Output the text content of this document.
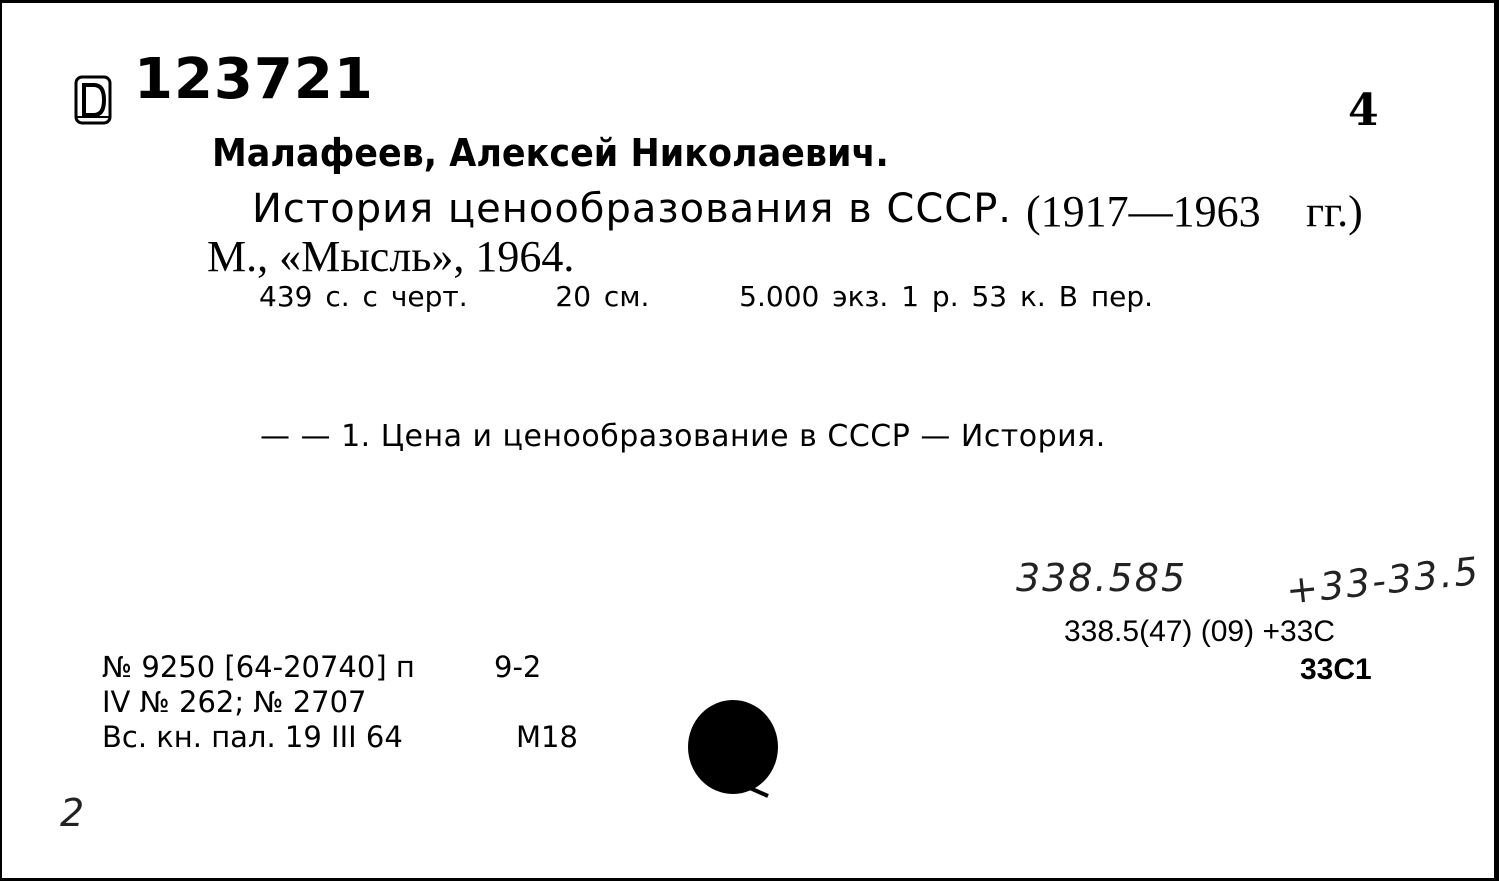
123721	4
Малафеев, Алексей Николаевич.
История ценообразования в СССР. (1917—1963 гг.)
М., «Мысль», 1964.
439 с. с черт.	20 см.	5.000 экз. 1 р. 53 к. В пер.
— — 1. Цена и ценообразование в СССР — История.
338.585	+33-33.5
338.5(47) (09) +33С
33С1
№ 9250 [64-20740] п	9-2
IV № 262; № 2707
Вс. кн. пал. 19 III 64	М18
2
